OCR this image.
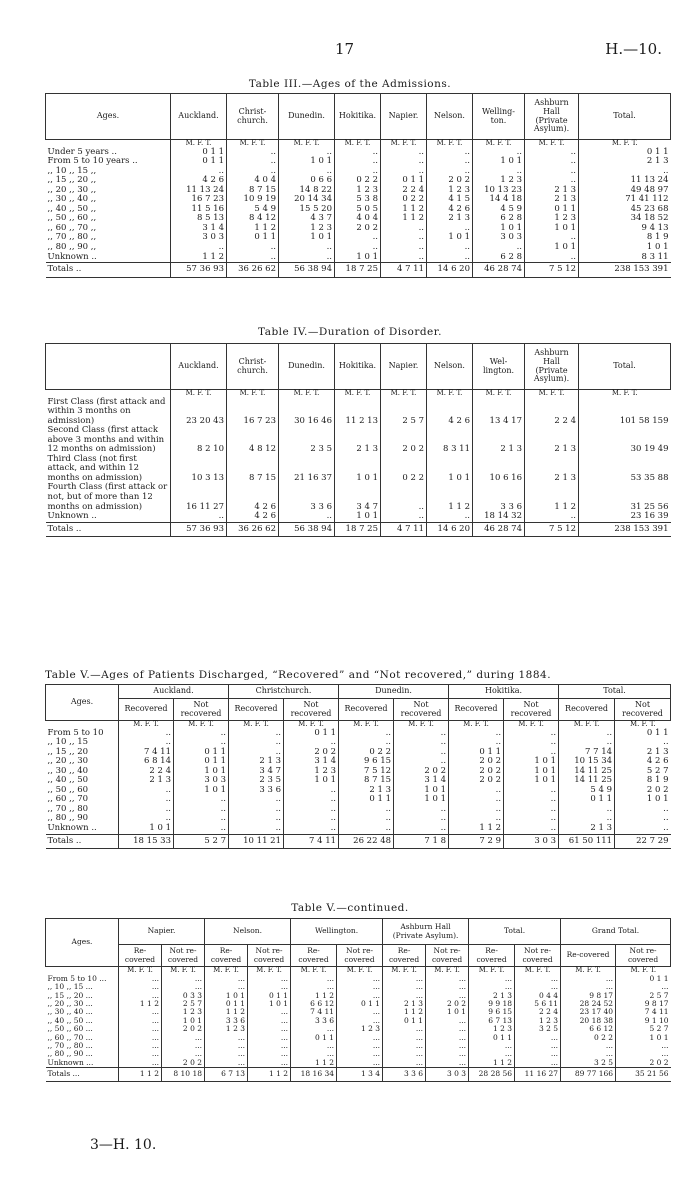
17	H.—10.
Table III.—Ages of the Admissions.
Ages.	Auckland.	Christ-church.	Dunedin.	Hokitika.	Napier.	Nelson.	Welling-ton.	Ashburn Hall (Private Asylum).	Total.
	M. F. T.	M. F. T.	M. F. T.	M. F. T.	M. F. T.	M. F. T.	M. F. T.	M. F. T.	M. F. T.
Under 5 years ..	0 1 1	..	..	..	..	..	..	..	0 1 1
From 5 to 10 years ..	0 1 1	..	1 0 1	..	..	..	1 0 1	..	2 1 3
,, 10 ,, 15 ,,	..	..	..	..	..	..	..	..	..
,, 15 ,, 20 ,,	4 2 6	4 0 4	0 6 6	0 2 2	0 1 1	2 0 2	1 2 3	..	11 13 24
,, 20 ,, 30 ,,	11 13 24	8 7 15	14 8 22	1 2 3	2 2 4	1 2 3	10 13 23	2 1 3	49 48 97
,, 30 ,, 40 ,,	16 7 23	10 9 19	20 14 34	5 3 8	0 2 2	4 1 5	14 4 18	2 1 3	71 41 112
,, 40 ,, 50 ,,	11 5 16	5 4 9	15 5 20	5 0 5	1 1 2	4 2 6	4 5 9	0 1 1	45 23 68
,, 50 ,, 60 ,,	8 5 13	8 4 12	4 3 7	4 0 4	1 1 2	2 1 3	6 2 8	1 2 3	34 18 52
,, 60 ,, 70 ,,	3 1 4	1 1 2	1 2 3	2 0 2	..	..	1 0 1	1 0 1	9 4 13
,, 70 ,, 80 ,,	3 0 3	0 1 1	1 0 1	..	..	1 0 1	3 0 3	..	8 1 9
,, 80 ,, 90 ,,	..	..	..	..	..	..	..	1 0 1	1 0 1
Unknown ..	1 1 2	..	..	1 0 1	..	..	6 2 8	..	8 3 11
Totals ..	57 36 93	36 26 62	56 38 94	18 7 25	4 7 11	14 6 20	46 28 74	7 5 12	238 153 391
Table IV.—Duration of Disorder.
	Auckland.	Christ-church.	Dunedin.	Hokitika.	Napier.	Nelson.	Wel-lington.	Ashburn Hall (Private Asylum).	Total.
	M. F. T.	M. F. T.	M. F. T.	M. F. T.	M. F. T.	M. F. T.	M. F. T.	M. F. T.	M. F. T.
First Class (first attack and within 3 months on admission)	23 20 43	16 7 23	30 16 46	11 2 13	2 5 7	4 2 6	13 4 17	2 2 4	101 58 159
Second Class (first attack above 3 months and within 12 months on admission)	8 2 10	4 8 12	2 3 5	2 1 3	2 0 2	8 3 11	2 1 3	2 1 3	30 19 49
Third Class (not first attack, and within 12 months on admission)	10 3 13	8 7 15	21 16 37	1 0 1	0 2 2	1 0 1	10 6 16	2 1 3	53 35 88
Fourth Class (first attack or not, but of more than 12 months on admission)	16 11 27	4 2 6	3 3 6	3 4 7	..	1 1 2	3 3 6	1 1 2	31 25 56
Unknown ..	..	4 2 6	..	1 0 1	..	..	18 14 32	..	23 16 39
Totals ..	57 36 93	36 26 62	56 38 94	18 7 25	4 7 11	14 6 20	46 28 74	7 5 12	238 153 391
Table V.—Ages of Patients Discharged, “Recovered” and “Not recovered,” during 1884.
Ages.	Auckland.		Christchurch.		Dunedin.		Hokitika.		Total.	
	Recovered	Not recovered	Recovered	Not recovered	Recovered	Not recovered	Recovered	Not recovered	Recovered	Not recovered
	M. F. T.	M. F. T.	M. F. T.	M. F. T.	M. F. T.	M. F. T.	M. F. T.	M. F. T.	M. F. T.	M. F. T.
From 5 to 10	..	..	..	0 1 1	..	..	..	..	..	0 1 1
,, 10 ,, 15	..	..	..	..	..	..	..	..	..	..
,, 15 ,, 20	7 4 11	0 1 1	..	2 0 2	0 2 2	..	0 1 1	..	7 7 14	2 1 3
,, 20 ,, 30	6 8 14	0 1 1	2 1 3	3 1 4	9 6 15	..	2 0 2	1 0 1	10 15 34	4 2 6
,, 30 ,, 40	2 2 4	1 0 1	3 4 7	1 2 3	7 5 12	2 0 2	2 0 2	1 0 1	14 11 25	5 2 7
,, 40 ,, 50	2 1 3	3 0 3	2 3 5	1 0 1	8 7 15	3 1 4	2 0 2	1 0 1	14 11 25	8 1 9
,, 50 ,, 60	..	1 0 1	3 3 6	..	2 1 3	1 0 1	..	..	5 4 9	2 0 2
,, 60 ,, 70	..	..	..	..	0 1 1	1 0 1	..	..	0 1 1	1 0 1
,, 70 ,, 80	..	..	..	..	..	..	..	..	..	..
,, 80 ,, 90	..	..	..	..	..	..	..	..	..	..
Unknown ..	1 0 1	..	..	..	..	..	1 1 2	..	2 1 3	..
Totals ..	18 15 33	5 2 7	10 11 21	7 4 11	26 22 48	7 1 8	7 2 9	3 0 3	61 50 111	22 7 29
Table V.—continued.
Ages.	Napier.		Nelson.		Wellington.		Ashburn Hall (Private Asylum).		Total.		Grand Total.	
	Re-covered	Not re-covered	Re-covered	Not re-covered	Re-covered	Not re-covered	Re-covered	Not re-covered	Re-covered	Not re-covered	Re-covered	Not re-covered
	M. F. T.	M. F. T.	M. F. T.	M. F. T.	M. F. T.	M. F. T.	M. F. T.	M. F. T.	M. F. T.	M. F. T.	M. F. T.	M. F. T.
From 5 to 10 ...	...	...	...	...	...	...	...	...	...	...	...	0 1 1
,, 10 ,, 15 ...	...	...	...	...	...	...	...	...	...	...	...	...
,, 15 ,, 20 ...	...	0 3 3	1 0 1	0 1 1	1 1 2	...	...	...	2 1 3	0 4 4	9 8 17	2 5 7
,, 20 ,, 30 ...	1 1 2	2 5 7	0 1 1	1 0 1	6 6 12	0 1 1	2 1 3	2 0 2	9 9 18	5 6 11	28 24 52	9 8 17
,, 30 ,, 40 ...	...	1 2 3	1 1 2	...	7 4 11	...	1 1 2	1 0 1	9 6 15	2 2 4	23 17 40	7 4 11
,, 40 ,, 50 ...	...	1 0 1	3 3 6	...	3 3 6	...	0 1 1	...	6 7 13	1 2 3	20 18 38	9 1 10
,, 50 ,, 60 ...	...	2 0 2	1 2 3	...	...	1 2 3	...	...	1 2 3	3 2 5	6 6 12	5 2 7
,, 60 ,, 70 ...	...	...	...	...	0 1 1	...	...	...	0 1 1	...	0 2 2	1 0 1
,, 70 ,, 80 ...	...	...	...	...	...	...	...	...	...	...	...	...
,, 80 ,, 90 ...	...	...	...	...	...	...	...	...	...	...	...	...
Unknown ...	...	2 0 2	...	...	1 1 2	...	...	...	1 1 2	...	3 2 5	2 0 2
Totals ...	1 1 2	8 10 18	6 7 13	1 1 2	18 16 34	1 3 4	3 3 6	3 0 3	28 28 56	11 16 27	89 77 166	35 21 56
3—H. 10.
